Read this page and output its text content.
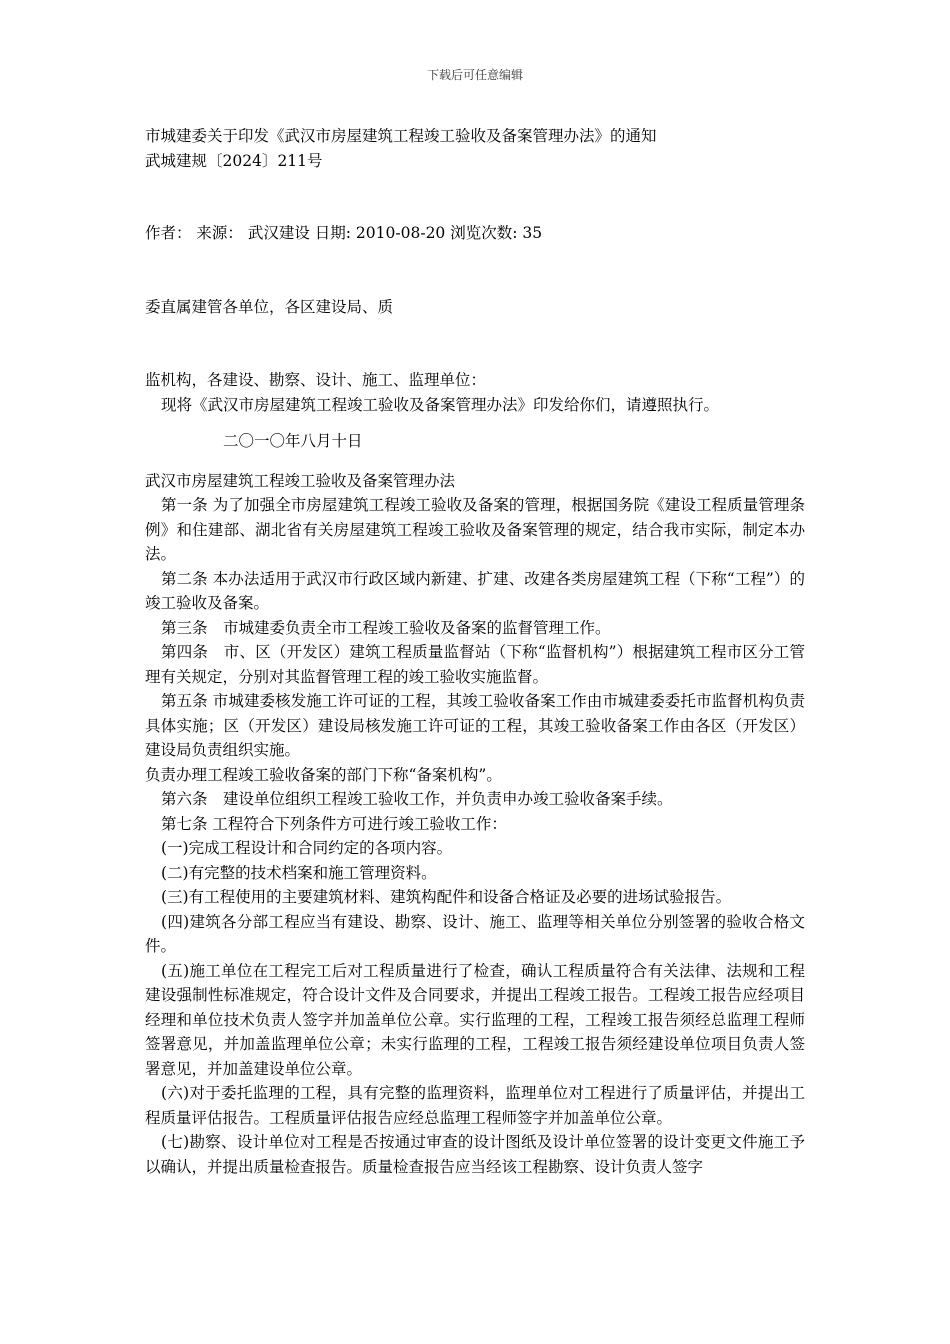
下载后可任意编辑

市城建委关于印发《武汉市房屋建筑工程竣工验收及备案管理办法》的通知

武城建规〔2024〕211号

作者： 来源： 武汉建设 日期: 2010-08-20 浏览次数: 35

委直属建管各单位，各区建设局、质

监机构，各建设、勘察、设计、施工、监理单位：

现将《武汉市房屋建筑工程竣工验收及备案管理办法》印发给你们，请遵照执行。

二〇一〇年八月十日

武汉市房屋建筑工程竣工验收及备案管理办法

第一条 为了加强全市房屋建筑工程竣工验收及备案的管理，根据国务院《建设工程质量管理条例》和住建部、湖北省有关房屋建筑工程竣工验收及备案管理的规定，结合我市实际，制定本办法。

第二条 本办法适用于武汉市行政区域内新建、扩建、改建各类房屋建筑工程（下称“工程”）的竣工验收及备案。

第三条　市城建委负责全市工程竣工验收及备案的监督管理工作。

第四条　市、区（开发区）建筑工程质量监督站（下称“监督机构”）根据建筑工程市区分工管理有关规定，分别对其监督管理工程的竣工验收实施监督。

第五条 市城建委核发施工许可证的工程，其竣工验收备案工作由市城建委委托市监督机构负责具体实施；区（开发区）建设局核发施工许可证的工程，其竣工验收备案工作由各区（开发区）建设局负责组织实施。

负责办理工程竣工验收备案的部门下称“备案机构”。

第六条　建设单位组织工程竣工验收工作，并负责申办竣工验收备案手续。

第七条 工程符合下列条件方可进行竣工验收工作：

(一)完成工程设计和合同约定的各项内容。

(二)有完整的技术档案和施工管理资料。

(三)有工程使用的主要建筑材料、建筑构配件和设备合格证及必要的进场试验报告。

(四)建筑各分部工程应当有建设、勘察、设计、施工、监理等相关单位分别签署的验收合格文件。

(五)施工单位在工程完工后对工程质量进行了检查，确认工程质量符合有关法律、法规和工程建设强制性标准规定，符合设计文件及合同要求，并提出工程竣工报告。工程竣工报告应经项目经理和单位技术负责人签字并加盖单位公章。实行监理的工程，工程竣工报告须经总监理工程师签署意见，并加盖监理单位公章；未实行监理的工程，工程竣工报告须经建设单位项目负责人签署意见，并加盖建设单位公章。

(六)对于委托监理的工程，具有完整的监理资料，监理单位对工程进行了质量评估，并提出工程质量评估报告。工程质量评估报告应经总监理工程师签字并加盖单位公章。

(七)勘察、设计单位对工程是否按通过审查的设计图纸及设计单位签署的设计变更文件施工予以确认，并提出质量检查报告。质量检查报告应当经该工程勘察、设计负责人签字
